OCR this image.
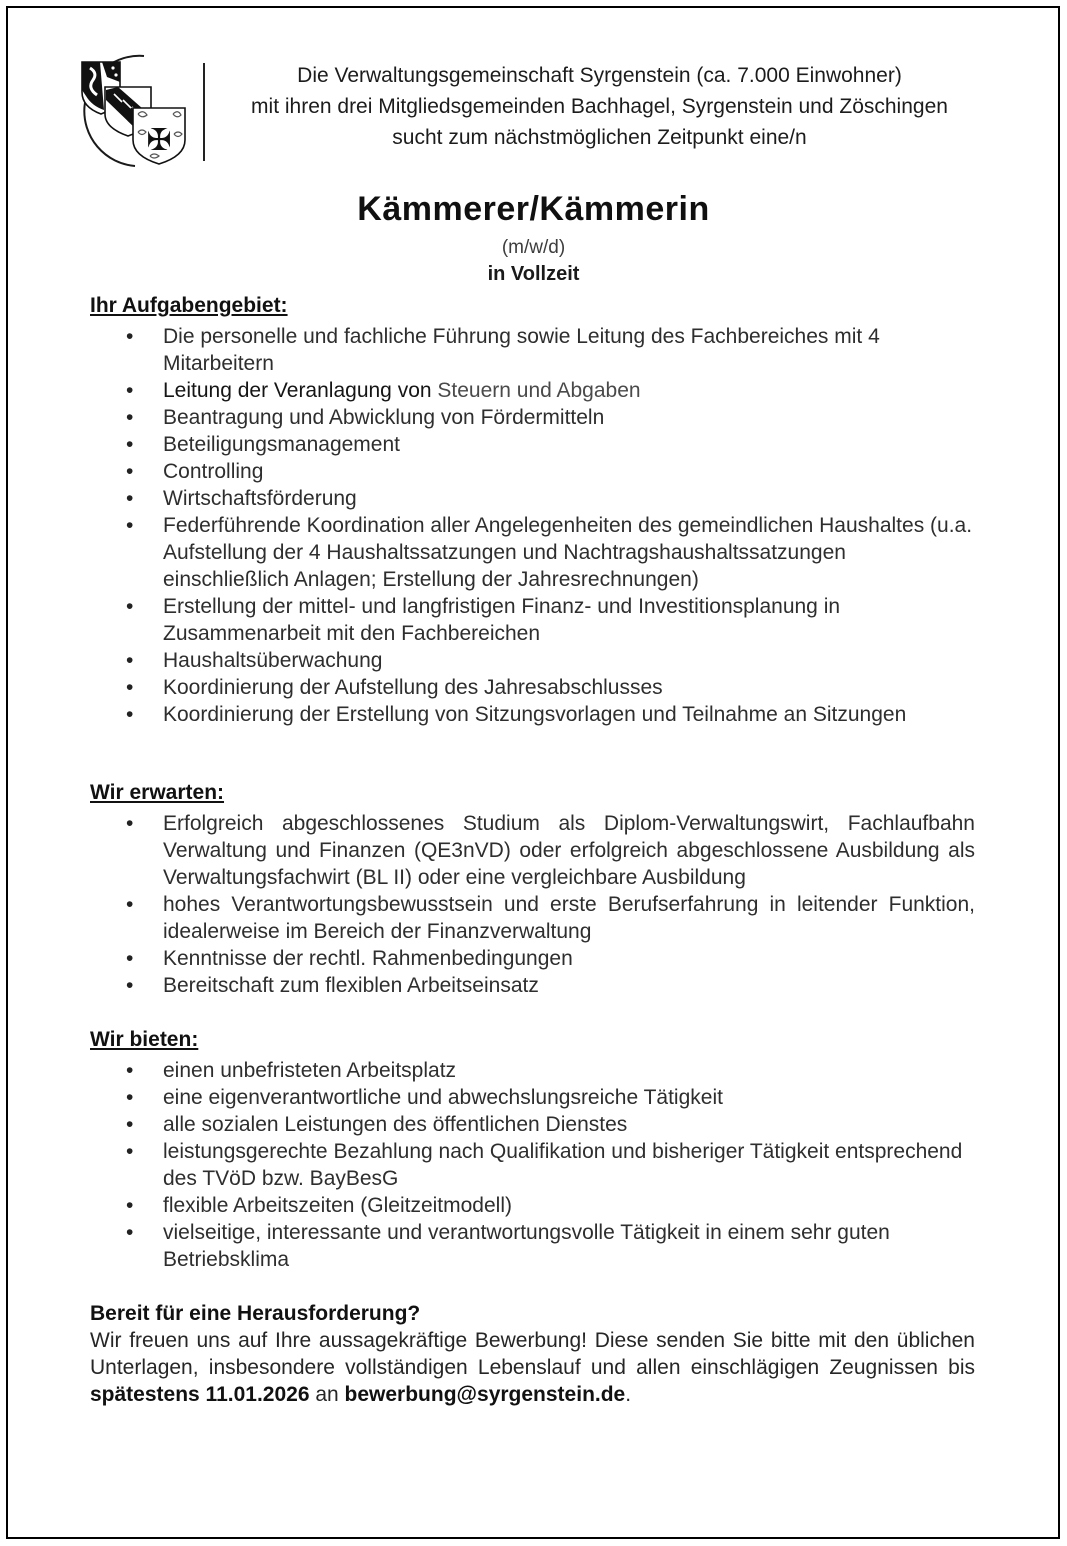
✠
Die Verwaltungsgemeinschaft Syrgenstein (ca. 7.000 Einwohner)
mit ihren drei Mitgliedsgemeinden Bachhagel, Syrgenstein und Zöschingen
sucht zum nächstmöglichen Zeitpunkt eine/n
Kämmerer/Kämmerin
(m/w/d)
in Vollzeit
Ihr Aufgabengebiet:
• Die personelle und fachliche Führung sowie Leitung des Fachbereiches mit 4 Mitarbeitern
• Leitung der Veranlagung von Steuern und Abgaben
• Beantragung und Abwicklung von Fördermitteln
• Beteiligungsmanagement
• Controlling
• Wirtschaftsförderung
• Federführende Koordination aller Angelegenheiten des gemeindlichen Haushaltes (u.a. Aufstellung der 4 Haushaltssatzungen und Nachtragshaushaltssatzungen einschließlich Anlagen; Erstellung der Jahresrechnungen)
• Erstellung der mittel- und langfristigen Finanz- und Investitionsplanung in Zusammenarbeit mit den Fachbereichen
• Haushaltsüberwachung
• Koordinierung der Aufstellung des Jahresabschlusses
• Koordinierung der Erstellung von Sitzungsvorlagen und Teilnahme an Sitzungen
Wir erwarten:
• Erfolgreich abgeschlossenes Studium als Diplom-Verwaltungswirt, Fachlaufbahn Verwaltung und Finanzen (QE3nVD) oder erfolgreich abgeschlossene Ausbildung als Verwaltungsfachwirt (BL II) oder eine vergleichbare Ausbildung
• hohes Verantwortungsbewusstsein und erste Berufserfahrung in leitender Funktion, idealerweise im Bereich der Finanzverwaltung
• Kenntnisse der rechtl. Rahmenbedingungen
• Bereitschaft zum flexiblen Arbeitseinsatz
Wir bieten:
• einen unbefristeten Arbeitsplatz
• eine eigenverantwortliche und abwechslungsreiche Tätigkeit
• alle sozialen Leistungen des öffentlichen Dienstes
• leistungsgerechte Bezahlung nach Qualifikation und bisheriger Tätigkeit entsprechend des TVöD bzw. BayBesG
• flexible Arbeitszeiten (Gleitzeitmodell)
• vielseitige, interessante und verantwortungsvolle Tätigkeit in einem sehr guten Betriebsklima
Bereit für eine Herausforderung?

Wir freuen uns auf Ihre aussagekräftige Bewerbung! Diese senden Sie bitte mit den üblichen Unterlagen, insbesondere vollständigen Lebenslauf und allen einschlägigen Zeugnissen bis spätestens 11.01.2026 an bewerbung@syrgenstein.de.
